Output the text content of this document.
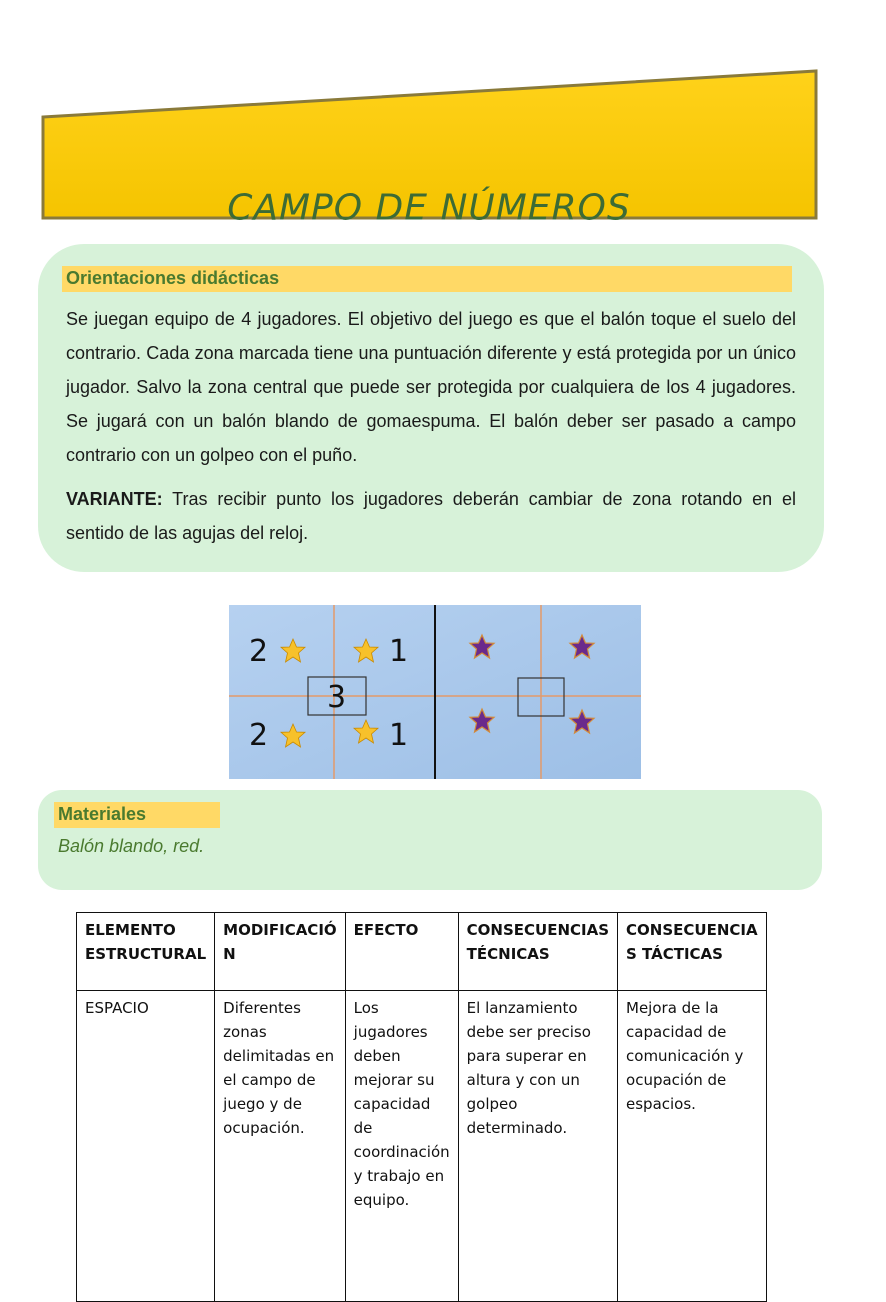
CAMPO DE NÚMEROS
Orientaciones didácticas

Se juegan equipo de 4 jugadores. El objetivo del juego es que el balón toque el suelo del contrario. Cada zona marcada tiene una puntuación diferente y está protegida por un único jugador. Salvo la zona central que puede ser protegida por cualquiera de los 4 jugadores. Se jugará con un balón blando de gomaespuma. El balón deber ser pasado a campo contrario con un golpeo con el puño.

VARIANTE: Tras recibir punto los jugadores deberán cambiar de zona rotando en el sentido de las agujas del reloj.

2	1
2	1
3
Materiales
Balón blando, red.
ELEMENTO ESTRUCTURAL	MODIFICACIÓ N	EFECTO	CONSECUENCIAS TÉCNICAS	CONSECUENCIA S TÁCTICAS
ESPACIO	Diferentes zonas delimitadas en el campo de juego y de ocupación.	Los jugadores deben mejorar su capacidad de coordinación y trabajo en equipo.	El lanzamiento debe ser preciso para superar en altura y con un golpeo determinado.	Mejora de la capacidad de comunicación y ocupación de espacios.
